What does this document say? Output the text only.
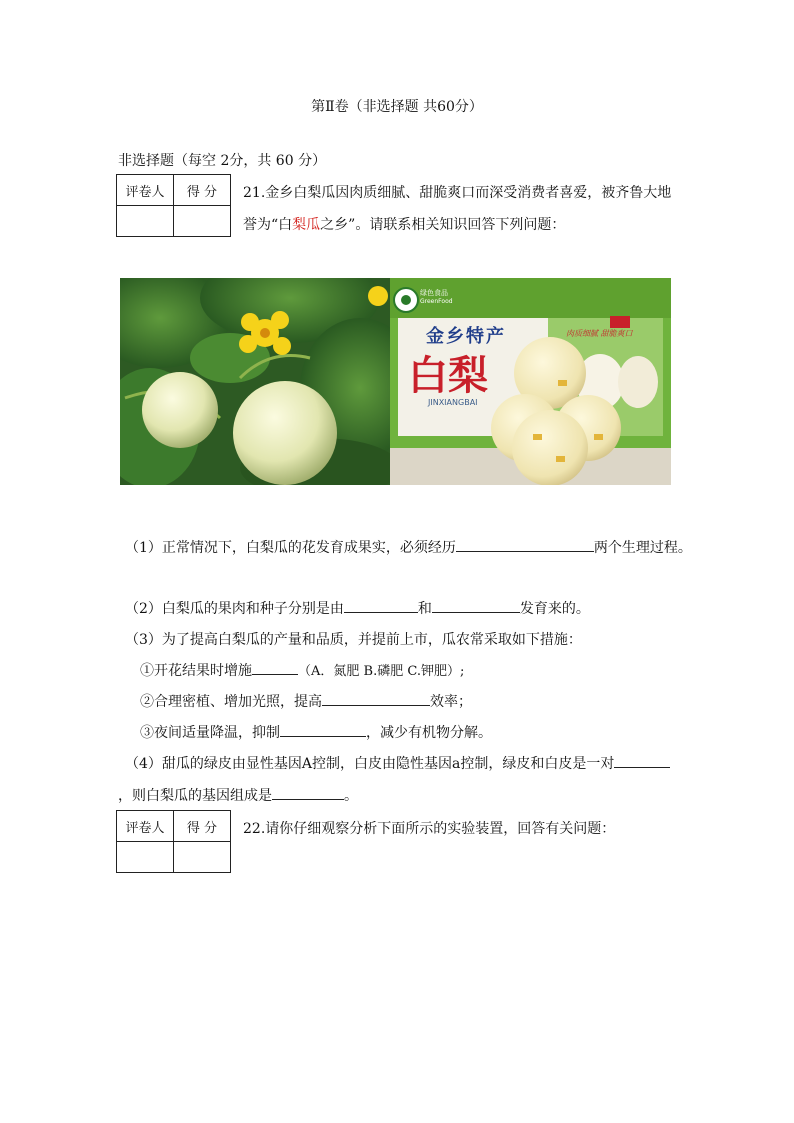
第Ⅱ卷（非选择题 共60分）
非选择题（每空 2分，共 60 分）
评卷人	得 分
	21.金乡白梨瓜因肉质细腻、甜脆爽口而深受消费者喜爱，被齐鲁大地
誉为“白梨瓜之乡”。请联系相关知识回答下列问题：
绿色食品
GreenFood
金乡特产	肉质细腻 甜脆爽口
白梨
JINXIANGBAI
（1）正常情况下，白梨瓜的花发育成果实，必须经历	两个生理过程。
（2）白梨瓜的果肉和种子分别是由	和	发育来的。
（3）为了提高白梨瓜的产量和品质，并提前上市，瓜农常采取如下措施：
①开花结果时增施	（A．氮肥 B.磷肥 C.钾肥）;
②合理密植、增加光照，提高	效率；
③夜间适量降温，抑制	，减少有机物分解。
（4）甜瓜的绿皮由显性基因A控制，白皮由隐性基因a控制，绿皮和白皮是一对
，则白梨瓜的基因组成是	。
评卷人	得 分
	22.请你仔细观察分析下面所示的实验装置，回答有关问题：
